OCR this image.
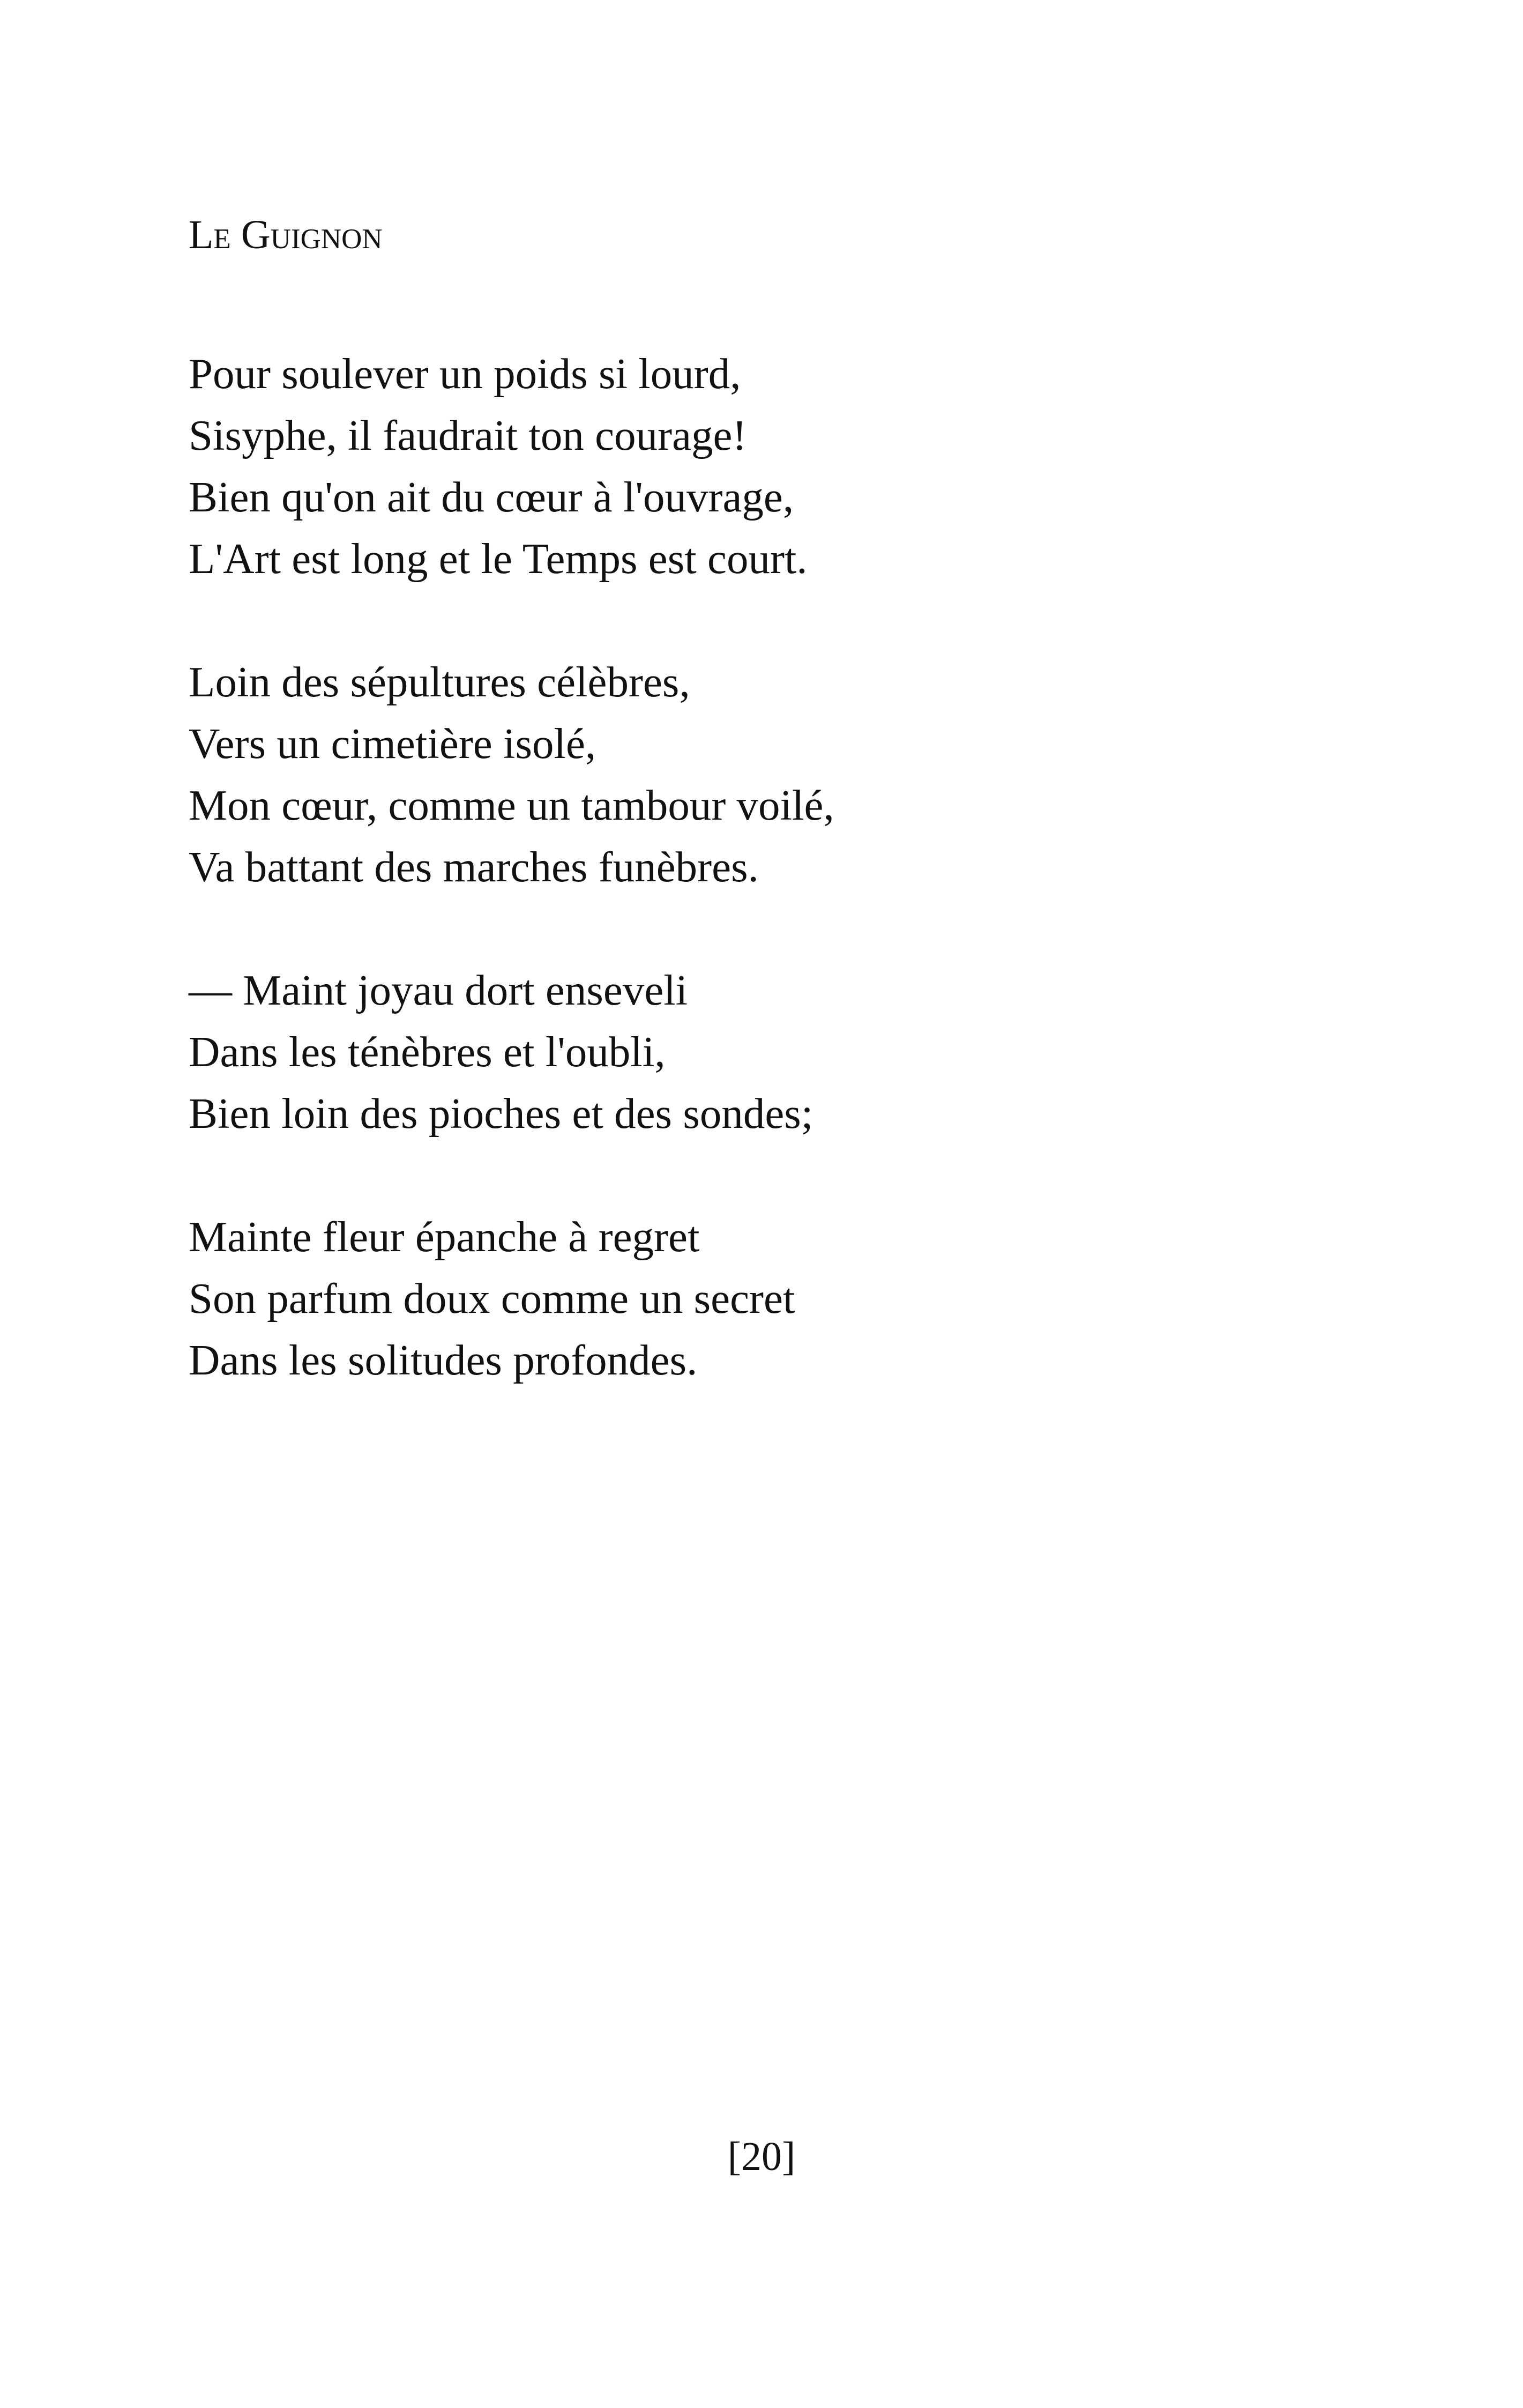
Le Guignon
Pour soulever un poids si lourd,
Sisyphe, il faudrait ton courage!
Bien qu'on ait du cœur à l'ouvrage,
L'Art est long et le Temps est court.
Loin des sépultures célèbres,
Vers un cimetière isolé,
Mon cœur, comme un tambour voilé,
Va battant des marches funèbres.
— Maint joyau dort enseveli
Dans les ténèbres et l'oubli,
Bien loin des pioches et des sondes;
Mainte fleur épanche à regret
Son parfum doux comme un secret
Dans les solitudes profondes.
[20]
